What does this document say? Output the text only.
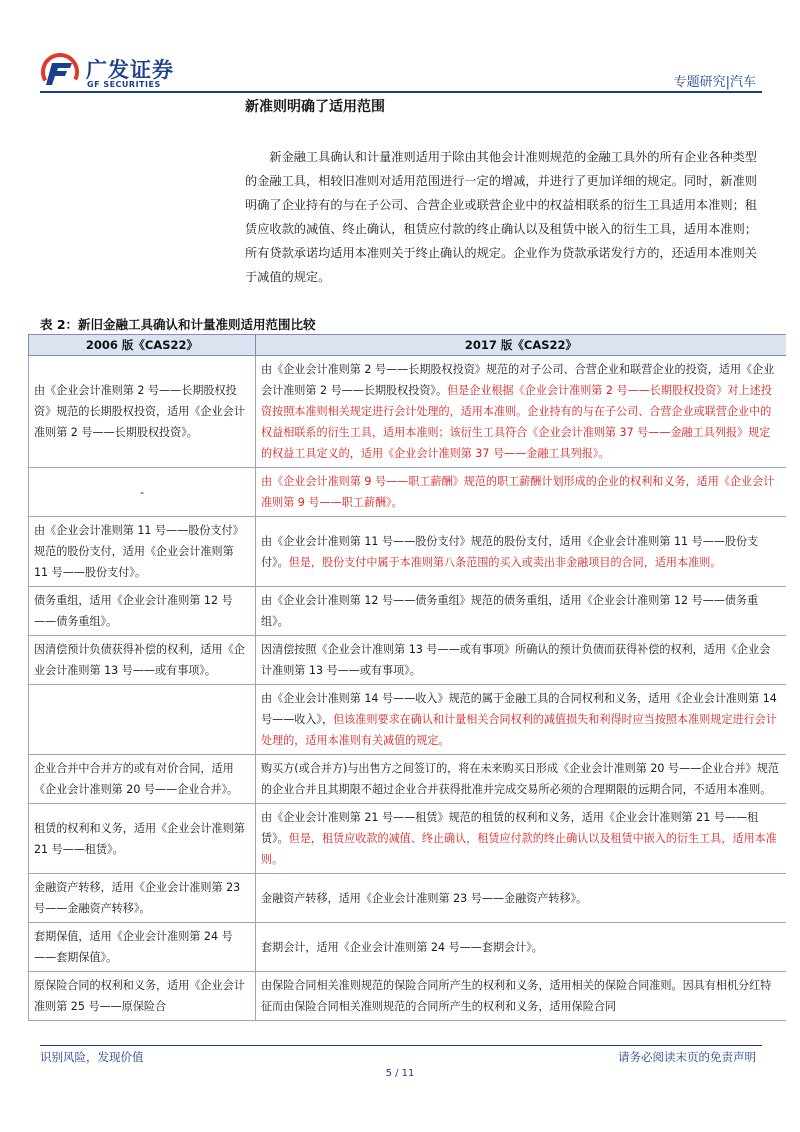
广发证券
GF SECURITIES	专题研究|汽车
新准则明确了适用范围

新金融工具确认和计量准则适用于除由其他会计准则规范的金融工具外的所有企业各种类型的金融工具，相较旧准则对适用范围进行一定的增减，并进行了更加详细的规定。同时，新准则明确了企业持有的与在子公司、合营企业或联营企业中的权益相联系的衍生工具适用本准则；租赁应收款的减值、终止确认，租赁应付款的终止确认以及租赁中嵌入的衍生工具，适用本准则；所有贷款承诺均适用本准则关于终止确认的规定。企业作为贷款承诺发行方的，还适用本准则关于减值的规定。

表 2：新旧金融工具确认和计量准则适用范围比较
2006 版《CAS22》	2017 版《CAS22》
由《企业会计准则第 2 号——长期股权投资》规范的长期股权投资，适用《企业会计准则第 2 号——长期股权投资》。	由《企业会计准则第 2 号——长期股权投资》规范的对子公司、合营企业和联营企业的投资，适用《企业会计准则第 2 号——长期股权投资》。但是企业根据《企业会计准则第 2 号——长期股权投资》对上述投资按照本准则相关规定进行会计处理的，适用本准则。企业持有的与在子公司、合营企业或联营企业中的权益相联系的衍生工具，适用本准则；该衍生工具符合《企业会计准则第 37 号——金融工具列报》规定的权益工具定义的，适用《企业会计准则第 37 号——金融工具列报》。
-	由《企业会计准则第 9 号——职工薪酬》规范的职工薪酬计划形成的企业的权利和义务，适用《企业会计准则第 9 号——职工薪酬》。
由《企业会计准则第 11 号——股份支付》规范的股份支付，适用《企业会计准则第 11 号——股份支付》。	由《企业会计准则第 11 号——股份支付》规范的股份支付，适用《企业会计准则第 11 号——股份支付》。但是，股份支付中属于本准则第八条范围的买入或卖出非金融项目的合同，适用本准则。
债务重组，适用《企业会计准则第 12 号——债务重组》。	由《企业会计准则第 12 号——债务重组》规范的债务重组，适用《企业会计准则第 12 号——债务重组》。
因清偿预计负债获得补偿的权利，适用《企业会计准则第 13 号——或有事项》。	因清偿按照《企业会计准则第 13 号——或有事项》所确认的预计负债而获得补偿的权利，适用《企业会计准则第 13 号——或有事项》。
	由《企业会计准则第 14 号——收入》规范的属于金融工具的合同权利和义务，适用《企业会计准则第 14 号——收入》，但该准则要求在确认和计量相关合同权利的减值损失和利得时应当按照本准则规定进行会计处理的，适用本准则有关减值的规定。
企业合并中合并方的或有对价合同，适用《企业会计准则第 20 号——企业合并》。	购买方(或合并方)与出售方之间签订的，将在未来购买日形成《企业会计准则第 20 号——企业合并》规范的企业合并且其期限不超过企业合并获得批准并完成交易所必须的合理期限的远期合同，不适用本准则。
租赁的权利和义务，适用《企业会计准则第 21 号——租赁》。	由《企业会计准则第 21 号——租赁》规范的租赁的权利和义务，适用《企业会计准则第 21 号——租赁》。但是，租赁应收款的减值、终止确认，租赁应付款的终止确认以及租赁中嵌入的衍生工具，适用本准则。
金融资产转移，适用《企业会计准则第 23 号——金融资产转移》。	金融资产转移，适用《企业会计准则第 23 号——金融资产转移》。
套期保值，适用《企业会计准则第 24 号——套期保值》。	套期会计，适用《企业会计准则第 24 号——套期会计》。
原保险合同的权利和义务，适用《企业会计准则第 25 号——原保险合	由保险合同相关准则规范的保险合同所产生的权利和义务，适用相关的保险合同准则。因具有相机分红特征而由保险合同相关准则规范的合同所产生的权利和义务，适用保险合同
识别风险，发现价值	请务必阅读末页的免责声明
5 / 11
